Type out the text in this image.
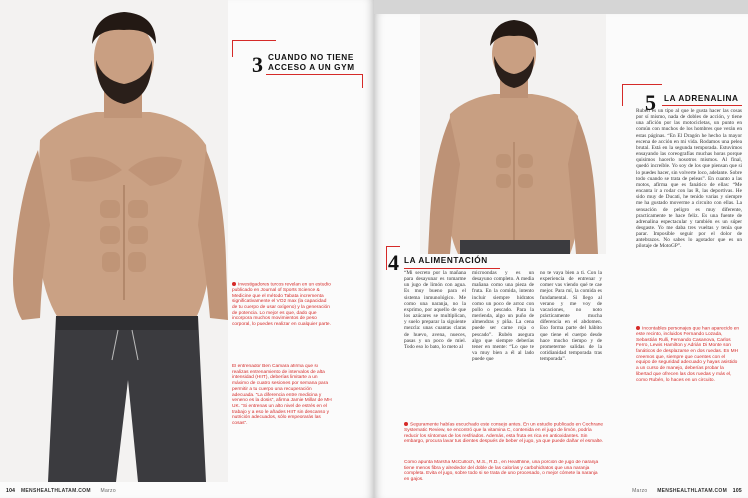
3 CUANDO NO TIENE
ACCESO A UN GYM
Investigadores turcos revelan en un estudio publicado en Journal of Sports Science & Medicine que el método Tabata incrementa significativamente el VO2 max (la capacidad de tu cuerpo de usar oxígeno) y la generación de potencia. Lo mejor es que, dado que incorpora muchos movimientos de peso corporal, lo puedes realizar en cualquier parte.
El entrenador Ben Camara afirma que si realizas entrenamiento de intervalos de alta intensidad (HIIT), deberías limitarte a un máximo de cuatro sesiones por semana para permitir a tu cuerpo una recuperación adecuada. “La diferencia entre medicina y veneno es la dosis”, afirma Jamie Millar de MH UK. “Si entrenas un alto nivel de estrés en el trabajo y a eso le añades HIIT sin descanso y nutrición adecuados, sólo empeorarás las cosas”.
104 MENSHEALTHLATAM.COM Marzo
5 LA ADRENALINA
Rubén es un tipo al que le gusta hacer las cosas por sí mismo, nada de dobles de acción, y tiene una afición por las motocicletas, un punto en común con muchos de los hombres que verán en estas páginas. “En El Dragón he hecho la mayor escena de acción en mi vida. Rodamos una pelea brutal. Está en la segunda temporada. Estuvimos ensayando las coreografías muchas horas porque quisimos hacerlo nosotros mismos. Al final, quedó increíble. Yo soy de los que piensan que si lo puedes hacer, sin volverte loco, adelante. Sobre todo cuando se trata de peleas”. En cuanto a las motos, afirma que es fanático de ellas: “Me encanta ir a rodar con las R, las deportivas. He sido muy de Ducati, he tenido varias y siempre me ha gustado moverme a circuito con ellas. La sensación de peligro es muy diferente, practicamente te hace feliz. Es una fuente de adrenalina espectacular y también es un súper desgaste. Yo me daba tres vueltas y tenía que parar. Imposible seguir por el dolor de antebrazos. No sabes lo agotador que es un pilotaje de MotoGP”.
Incontables personajes que han aparecido en este recinto, incluidos Fernando Lozada, Sebastián Rulli, Fernando Casanova, Carlos Ferro, Lewis Hamilton y Adrián Di Monte son fanáticos de desplazarse en dos ruedas. En MH creemos que, siempre que cuentes con el equipo de seguridad adecuado y hayas asistido a un curso de manejo, deberías probar la libertad que ofrecen las dos ruedas y más el, como Rubén, lo haces en un circuito.
4 LA ALIMENTACIÓN
“Mi secreto por la mañana para desayunar es tomarme un jugo de limón con agua. Es muy bueno para el sistema inmunológico. Me como una naranja, no la exprimo, por aquello de que los azúcares se multiplican, y suelo preparar la siguiente mezcla: unas cuantas claras de huevo, avena, nueces, pasas y un poco de miel. Todo eso lo bato, lo meto al
microondas y es un desayuno completo. A media mañana como una pieza de fruta. En la comida, intento incluir siempre hidratos como un poco de arroz con pollo o pescado. Para la merienda, algo un puño de almendras y piña. La cena puede ser carne roja o pescado”. Rubén asegura algo que siempre deberías tener en mente: “Lo que te va muy bien a él al lado puede que
no te vaya bien a ti. Con la experiencia de entrenar y comer vas viendo qué te cae mejor. Para mí, la comida es fundamental. Si llego al verano y me voy de vacaciones, no noto prácticamente mucha diferencia en el abdomen. Eso forma parte del hábito que tiene el cuerpo desde hace mucho tiempo y de prometerme salidas de la cotidianidad temporada tras temporada”.
Seguramente habías escuchado este consejo antes. En un estudio publicado en Cochrane Systematic Review, se encontró que la vitamina C, contenida en el jugo de limón, podría reducir los síntomas de los resfriados. Además, esta fruta es rica en antioxidantes. Sin embargo, procura lavar tus dientes después de beber el jugo, ya que puede dañar el esmalte.
Como apunta Marsha McCulloch, M.S., R.D., en Healthline, una porción de jugo de naranja tiene menos fibra y alrededor del doble de las calorías y carbohidratos que una naranja completa. Evita el jugo, sobre todo si se trata de uno procesado, o mejor cómete la naranja en gajos.
Marzo MENSHEALTHLATAM.COM 105
